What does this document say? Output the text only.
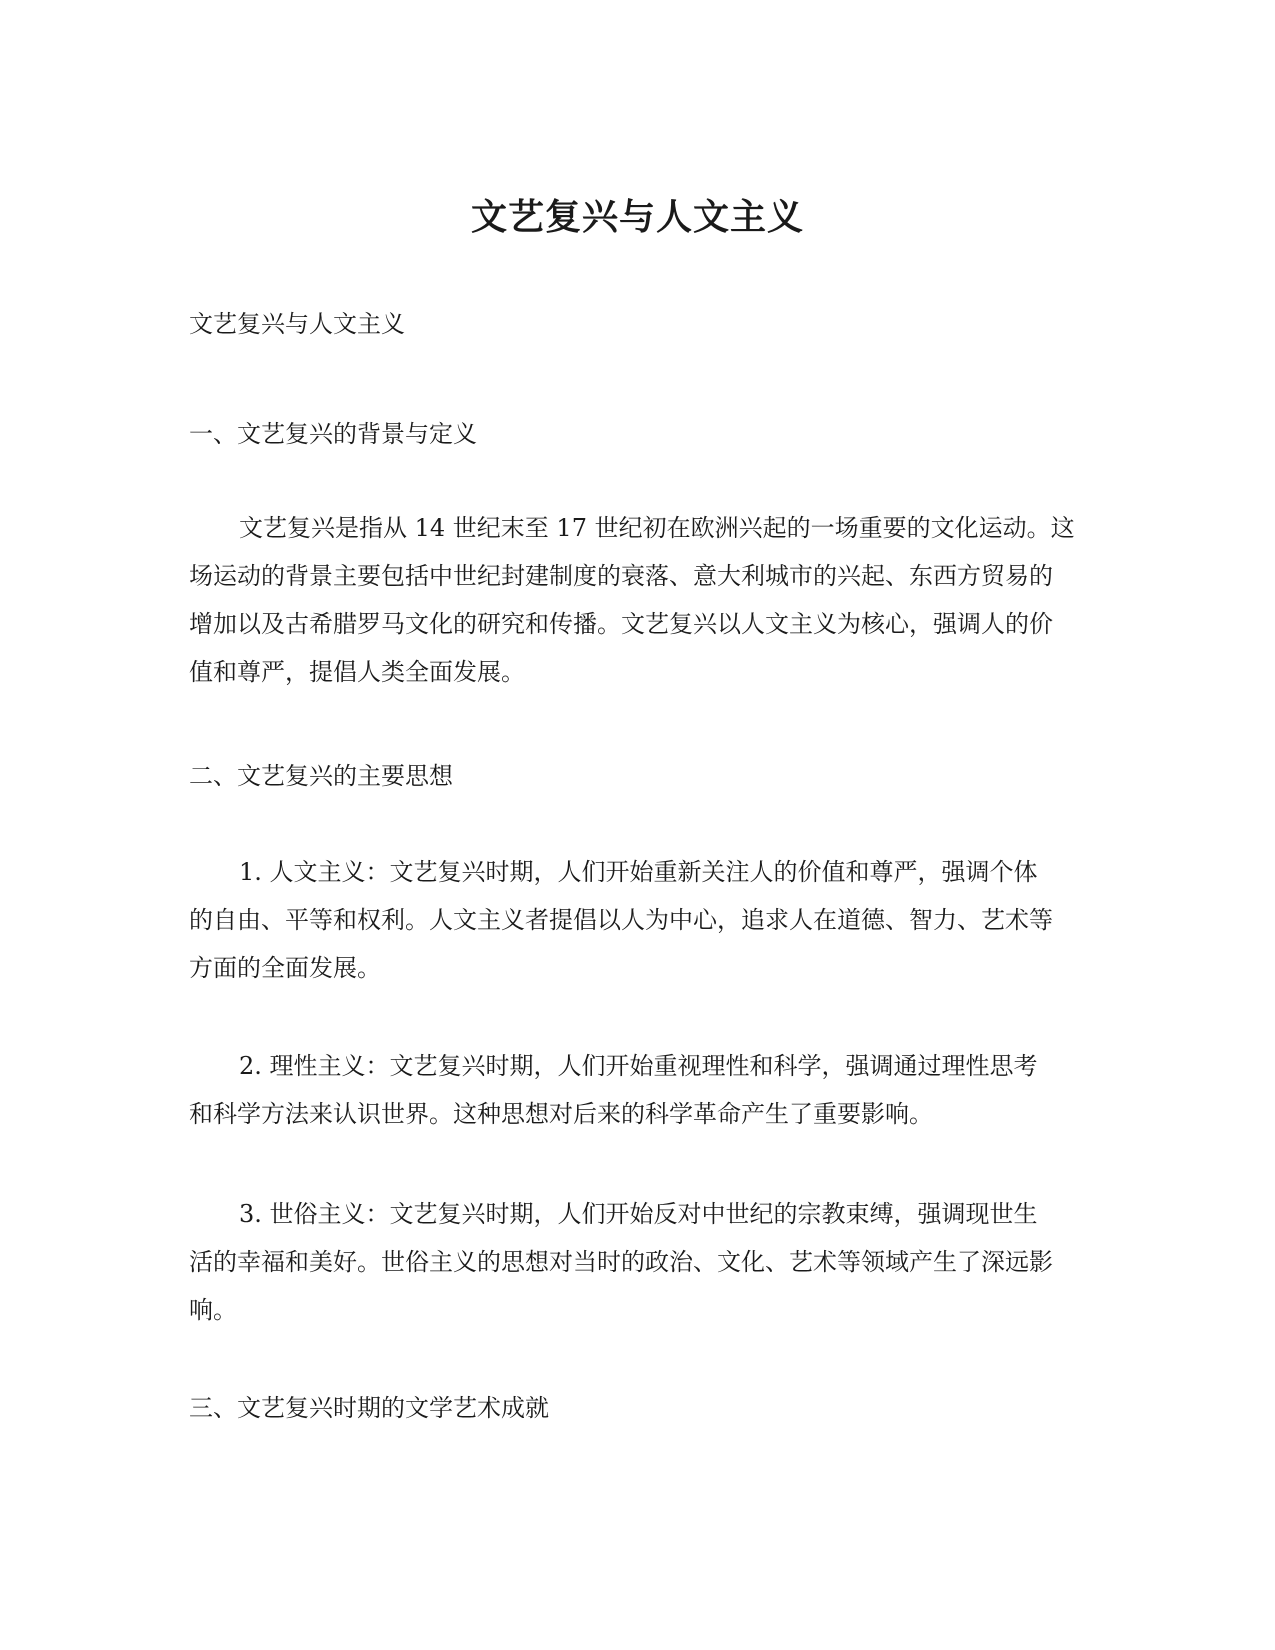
文艺复兴与人文主义

文艺复兴与人文主义

一、文艺复兴的背景与定义

文艺复兴是指从 14 世纪末至 17 世纪初在欧洲兴起的一场重要的文化运动。这
场运动的背景主要包括中世纪封建制度的衰落、意大利城市的兴起、东西方贸易的
增加以及古希腊罗马文化的研究和传播。文艺复兴以人文主义为核心，强调人的价
值和尊严，提倡人类全面发展。

二、文艺复兴的主要思想

1. 人文主义：文艺复兴时期，人们开始重新关注人的价值和尊严，强调个体
的自由、平等和权利。人文主义者提倡以人为中心，追求人在道德、智力、艺术等
方面的全面发展。

2. 理性主义：文艺复兴时期，人们开始重视理性和科学，强调通过理性思考
和科学方法来认识世界。这种思想对后来的科学革命产生了重要影响。

3. 世俗主义：文艺复兴时期，人们开始反对中世纪的宗教束缚，强调现世生
活的幸福和美好。世俗主义的思想对当时的政治、文化、艺术等领域产生了深远影
响。

三、文艺复兴时期的文学艺术成就
